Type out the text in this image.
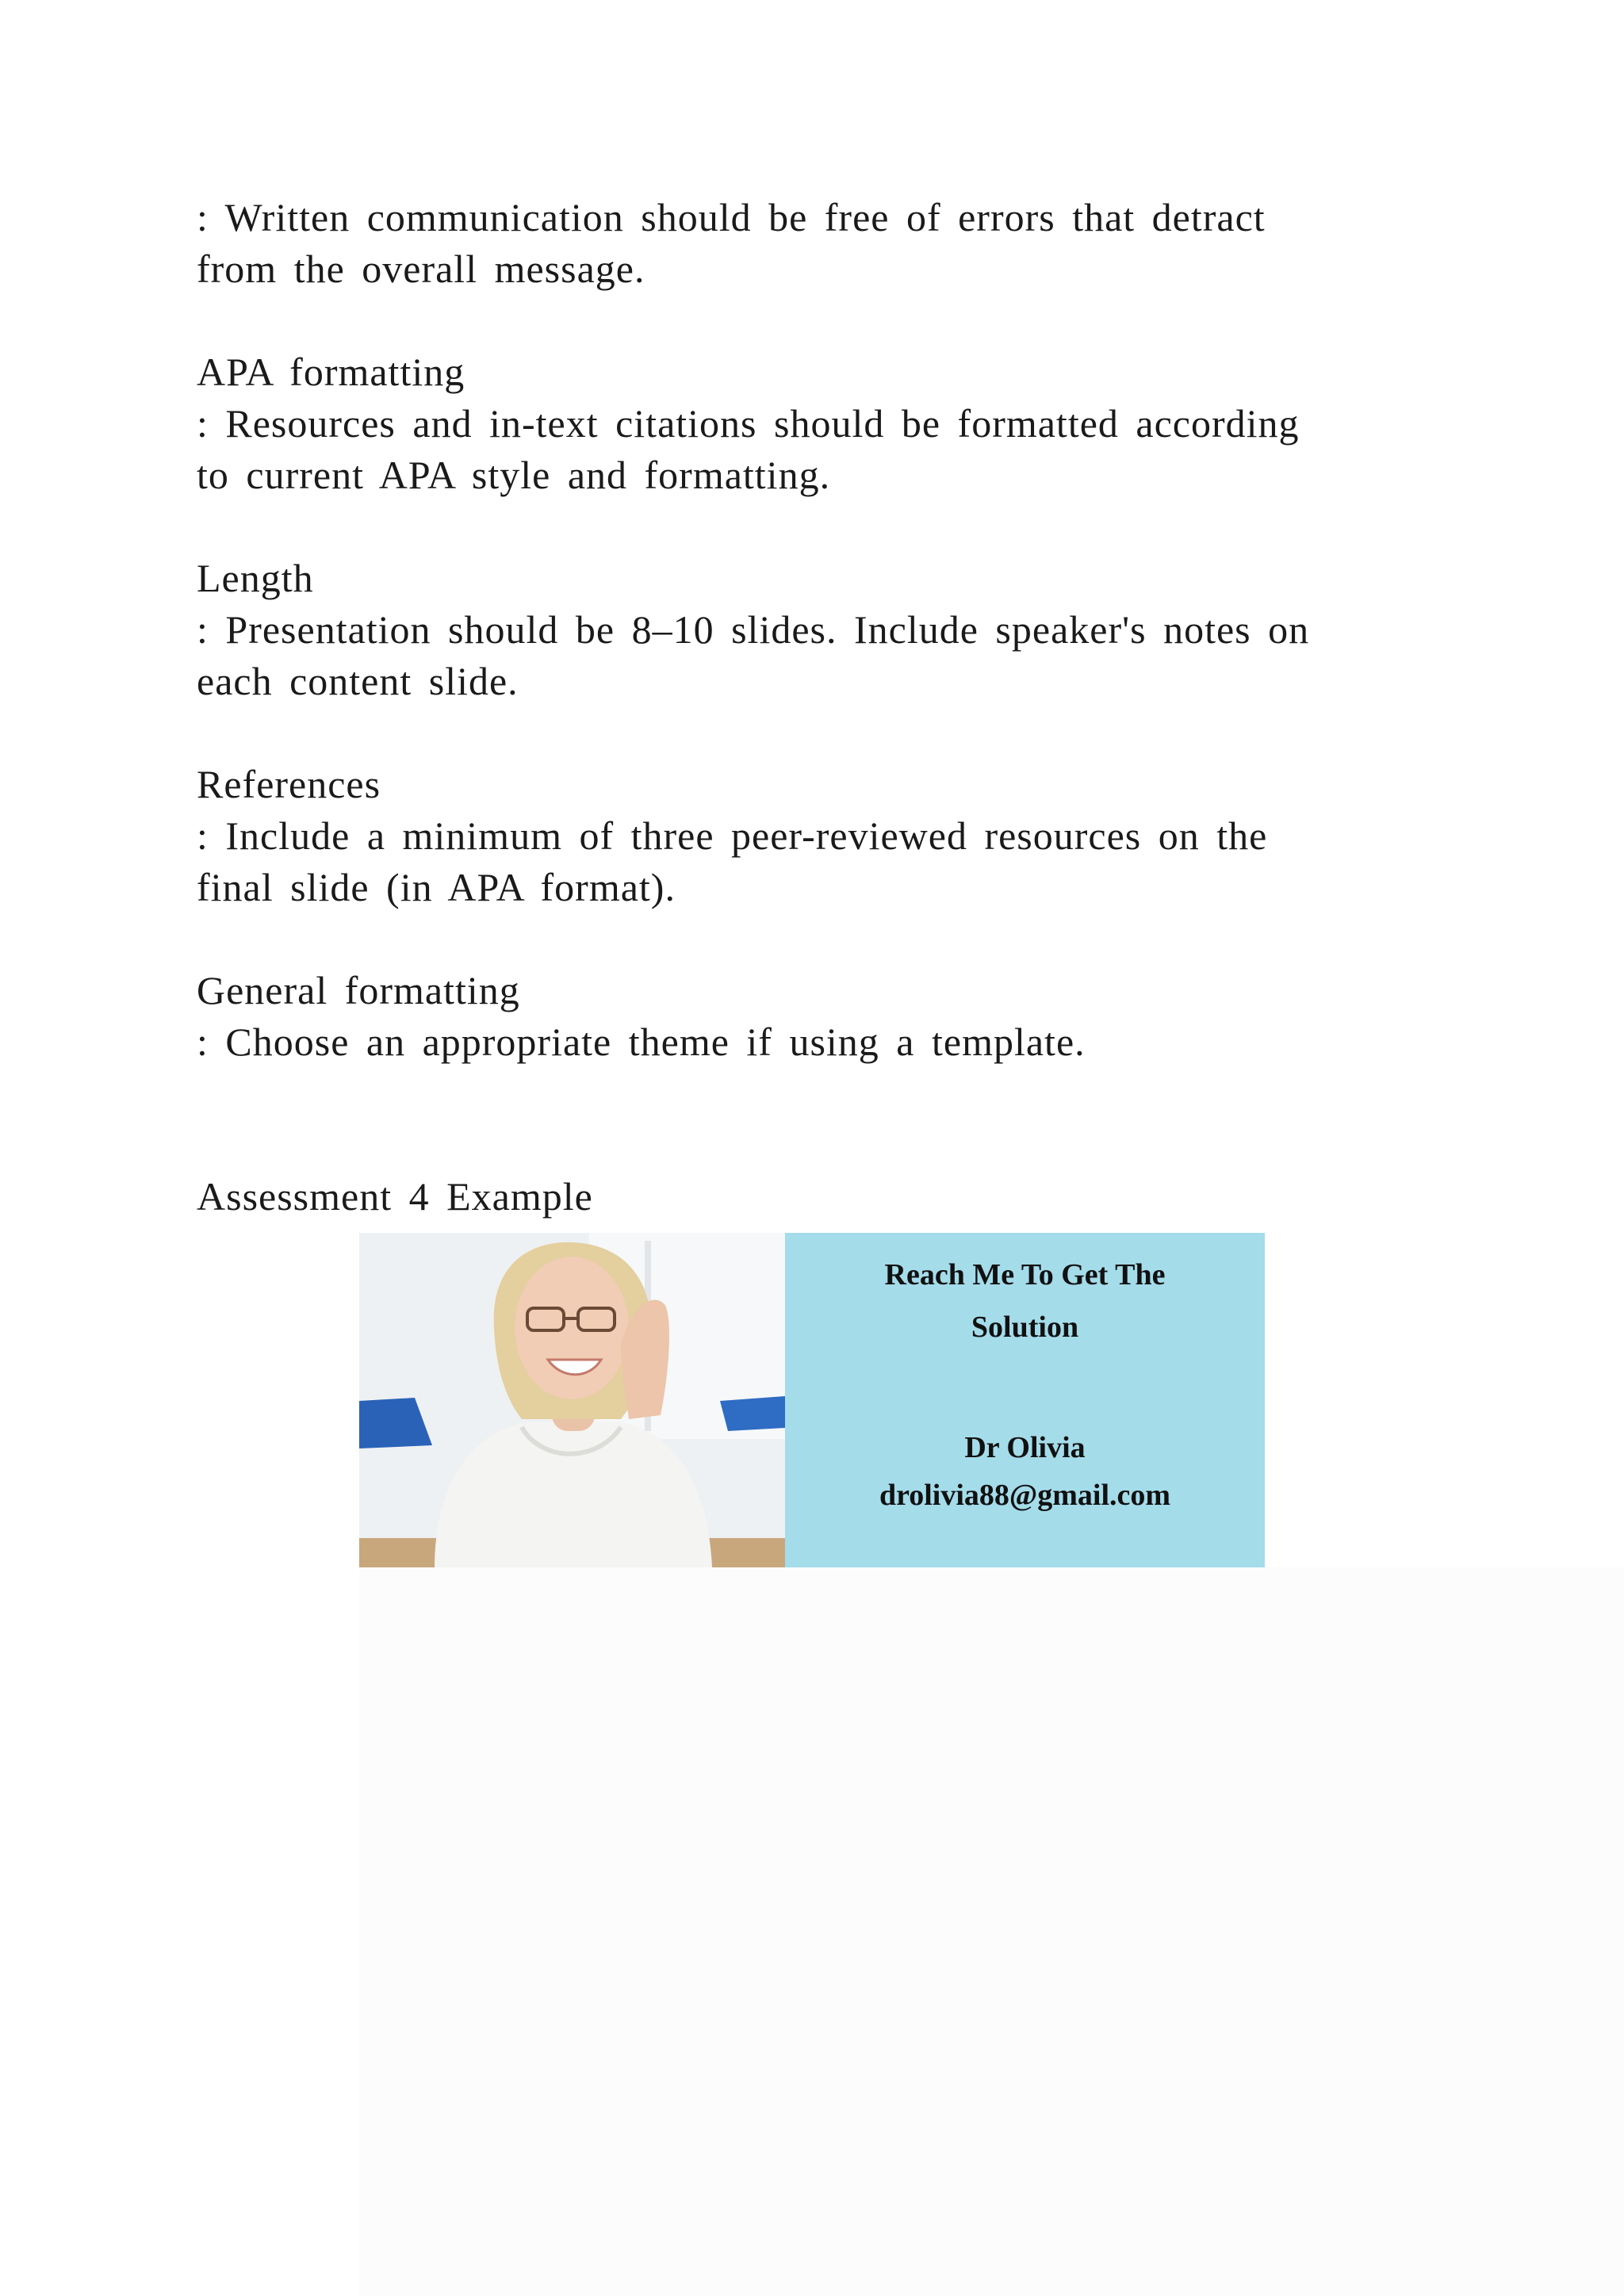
: Written communication should be free of errors that detract
from the overall message.
APA formatting
: Resources and in-text citations should be formatted according
to current APA style and formatting.
Length
: Presentation should be 8–10 slides. Include speaker's notes on
each content slide.
References
: Include a minimum of three peer-reviewed resources on the
final slide (in APA format).
General formatting
: Choose an appropriate theme if using a template.
Assessment 4 Example
Reach Me To Get The
Solution
Dr Olivia
drolivia88@gmail.com
